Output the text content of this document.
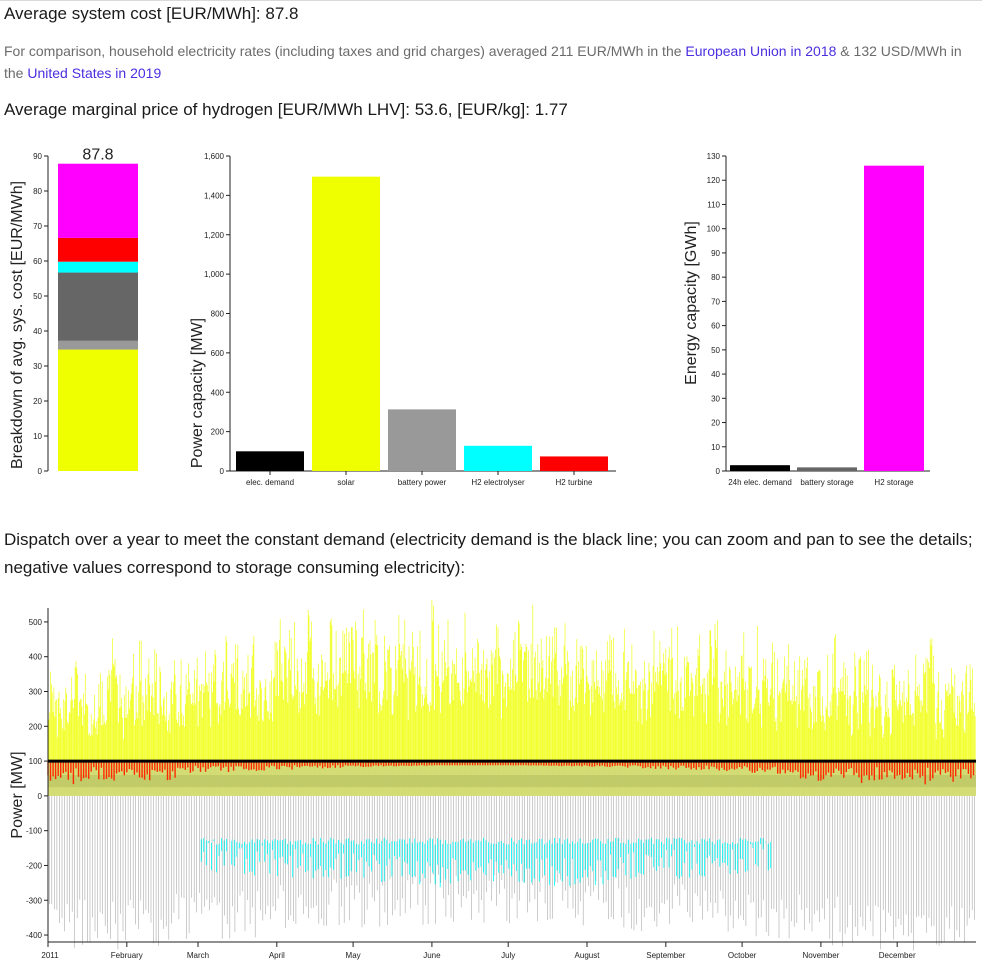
Average system cost [EUR/MWh]: 87.8
For comparison, household electricity rates (including taxes and grid charges) averaged 211 EUR/MWh in the European Union in 2018 & 132 USD/MWh in the United States in 2019
Average marginal price of hydrogen [EUR/MWh LHV]: 53.6, [EUR/kg]: 1.77
Breakdown of avg. sys. cost [EUR/MWh]
0
10
20
30
40
50
60
70
80
90	87.8
Power capacity [MW]
0
200
400
600
800
1,000
1,200
1,400
1,600
elec. demand	solar	battery power	H2 electrolyser	H2 turbine
Energy capacity [GWh]
0
10
20
30
40
50
60
70
80
90
100
110
120
130
24h elec. demand battery storage	H2 storage
Dispatch over a year to meet the constant demand (electricity demand is the black line; you can zoom and pan to see the details; negative values correspond to storage consuming electricity):
Power [MW]
-400
-300
-200
-100
0
100
200
300
400
500
2011	February	March	April	May	June	July	August	September	October	November	December
